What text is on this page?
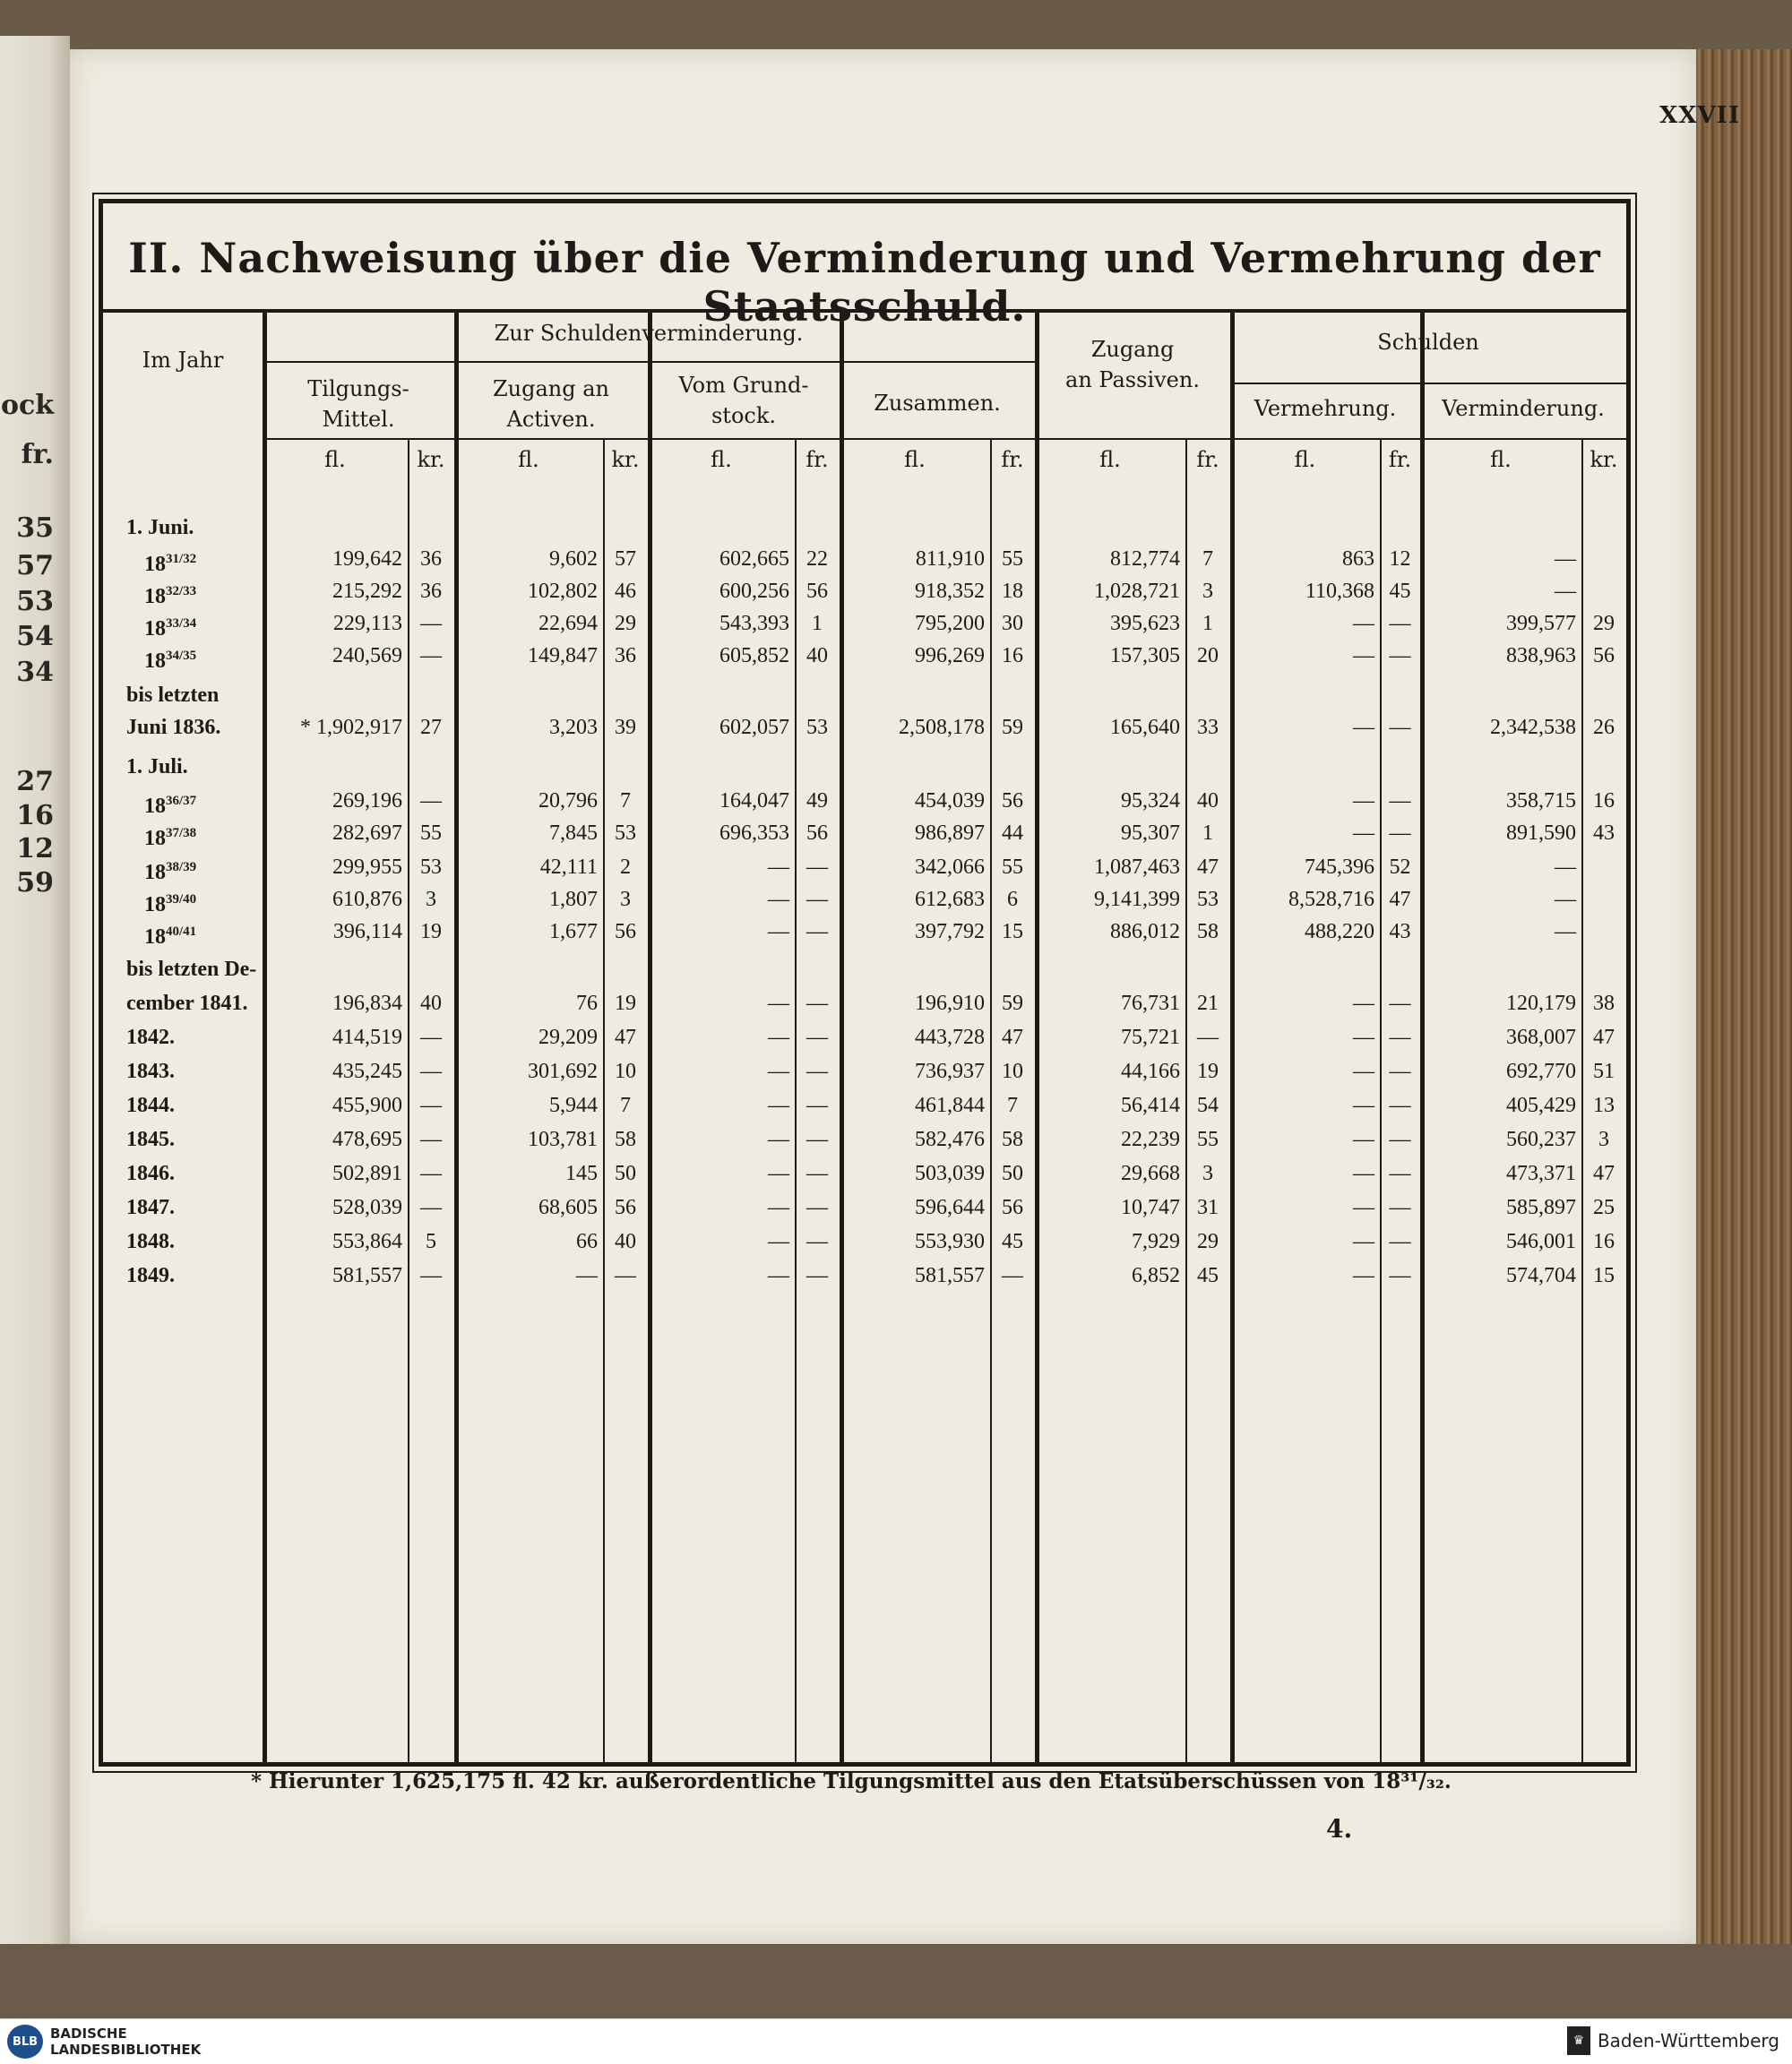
ock
fr.
35
57
53
54
34
27
16
12
59
XXVII
II. Nachweisung über die Verminderung und Vermehrung der Staatsschuld.
Im Jahr
Zur Schuldenverminderung.
Tilgungs-
Mittel.
Zugang an
Activen.
Vom Grund-
stock.	Zusammen.
Zugang
an Passiven.
Schulden
Vermehrung.	Verminderung.
fl.	kr.	fl.	kr.	fl.	fr.	fl.	fr.	fl.	fr.	fl.	fr.	fl.	kr.
1. Juni.
$18^{31/32}$	199,642 36	9,602 57	602,665 22	811,910 55	812,774	7	863 12	—
$18^{32/33}$	215,292 36	102,802 46	600,256 56	918,352 18	1,028,721	3	110,368 45	—
$18^{33/34}$	229,113 —	22,694 29	543,393	1	795,200 30	395,623	1	— —	399,577 29
$18^{34/35}$	240,569 —	149,847 36	605,852 40	996,269 16	157,305 20	— —	838,963 56
bis letzten
Juni 1836.	* 1,902,917 27	3,203 39	602,057 53	2,508,178 59	165,640 33	— —	2,342,538 26
1. Juli.
$18^{36/37}$	269,196 —	20,796	7	164,047 49	454,039 56	95,324 40	— —	358,715 16
$18^{37/38}$	282,697 55	7,845 53	696,353 56	986,897 44	95,307	1	— —	891,590 43
$18^{38/39}$	299,955 53	42,111	2	— —	342,066 55	1,087,463 47	745,396 52	—
$18^{39/40}$	610,876	3	1,807	3	— —	612,683	6	9,141,399 53	8,528,716 47	—
$18^{40/41}$	396,114 19	1,677 56	— —	397,792 15	886,012 58	488,220 43	—
bis letzten De-
cember 1841.	196,834 40	76 19	— —	196,910 59	76,731 21	— —	120,179 38
1842.	414,519 —	29,209 47	— —	443,728 47	75,721 —	— —	368,007 47
1843.	435,245 —	301,692 10	— —	736,937 10	44,166 19	— —	692,770 51
1844.	455,900 —	5,944	7	— —	461,844	7	56,414 54	— —	405,429 13
1845.	478,695 —	103,781 58	— —	582,476 58	22,239 55	— —	560,237	3
1846.	502,891 —	145 50	— —	503,039 50	29,668	3	— —	473,371 47
1847.	528,039 —	68,605 56	— —	596,644 56	10,747 31	— —	585,897 25
1848.	553,864	5	66 40	— —	553,930 45	7,929 29	— —	546,001 16
1849.	581,557 —	— —	— —	581,557 —	6,852 45	— —	574,704 15
* Hierunter 1,625,175 fl. 42 kr. außerordentliche Tilgungsmittel aus den Etatsüberschüssen von 18³¹/₃₂.
4.
BLB BADISCHE
LANDESBIBLIOTHEK
♛ Baden-Württemberg
